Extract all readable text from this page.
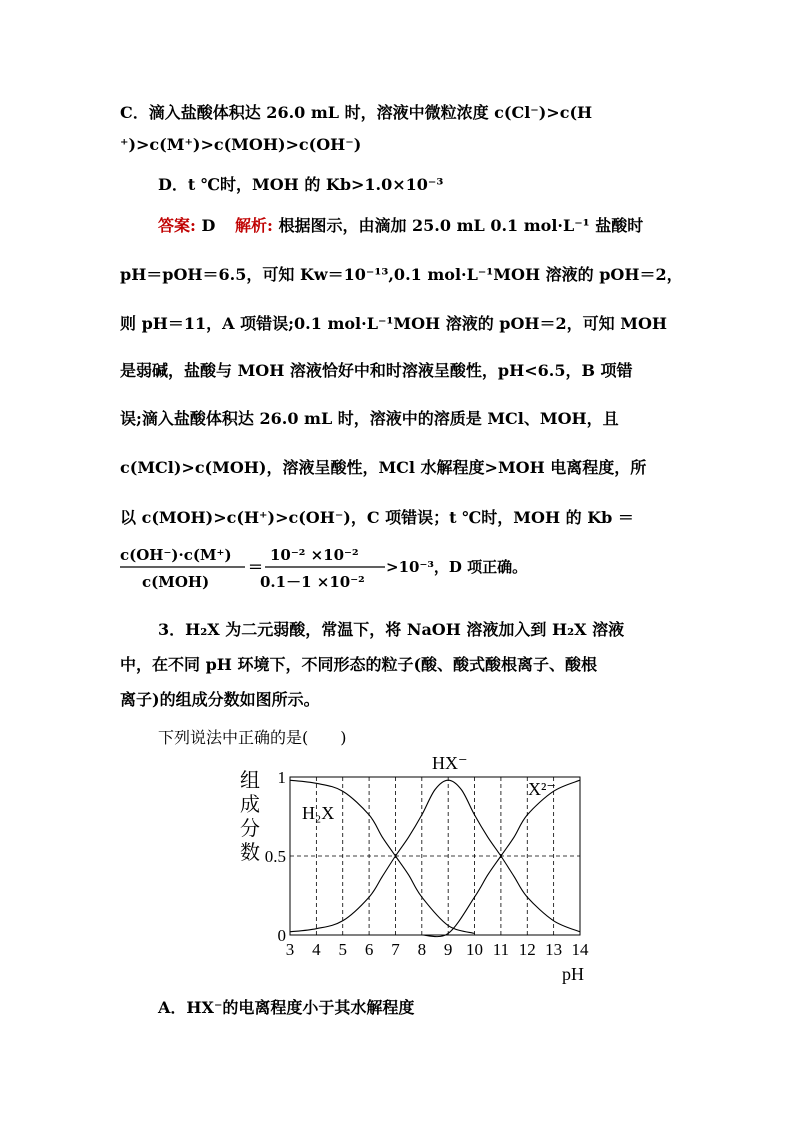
C．滴入盐酸体积达 26.0 mL 时，溶液中微粒浓度 c(Cl⁻)>c(H
⁺)>c(M⁺)>c(MOH)>c(OH⁻)
D．t ℃时，MOH 的 Kb>1.0×10⁻³
答案: D 解析: 根据图示，由滴加 25.0 mL 0.1 mol·L⁻¹ 盐酸时
pH＝pOH＝6.5，可知 Kw＝10⁻¹³,0.1 mol·L⁻¹MOH 溶液的 pOH＝2，
则 pH＝11，A 项错误;0.1 mol·L⁻¹MOH 溶液的 pOH＝2，可知 MOH
是弱碱，盐酸与 MOH 溶液恰好中和时溶液呈酸性，pH<6.5，B 项错
误;滴入盐酸体积达 26.0 mL 时，溶液中的溶质是 MCl、MOH，且
c(MCl)>c(MOH)，溶液呈酸性，MCl 水解程度>MOH 电离程度，所
以 c(MOH)>c(H⁺)>c(OH⁻)，C 项错误；t ℃时，MOH 的 Kb ＝
c(OH⁻)·c(M⁺)
c(MOH)
＝
10⁻² ×10⁻²
0.1－1 ×10⁻²
>10⁻³，D 项正确。
3．H₂X 为二元弱酸，常温下，将 NaOH 溶液加入到 H₂X 溶液
中，在不同 pH 环境下，不同形态的粒子(酸、酸式酸根离子、酸根
离子)的组成分数如图所示。
下列说法中正确的是(　　)
3 4 5 6 7 8 9 10 11 12 13 14
0
0.5
1
组
成
分
数
pH
H₂X
HX⁻
X²⁻
A．HX⁻的电离程度小于其水解程度
